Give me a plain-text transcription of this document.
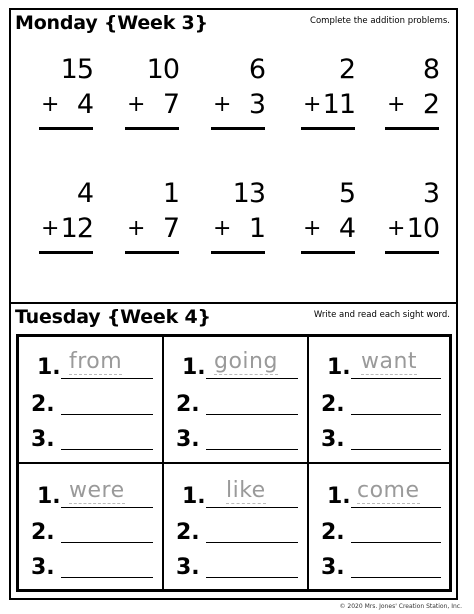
Monday {Week 3}	Complete the addition problems.
15
+ 4
10
+ 7
6
+ 3
2
+ 11
8
+ 2
4
+ 12
1
+ 7
13
+ 1
5
+ 4
3
+ 10
Tuesday {Week 4}	Write and read each sight word.
1. from
2.
3.
1. going
2.
3.
1. want
2.
3.
1. were
2.
3.
1. like
2.
3.
1. come
2.
3.
© 2020 Mrs. Jones' Creation Station, Inc.
